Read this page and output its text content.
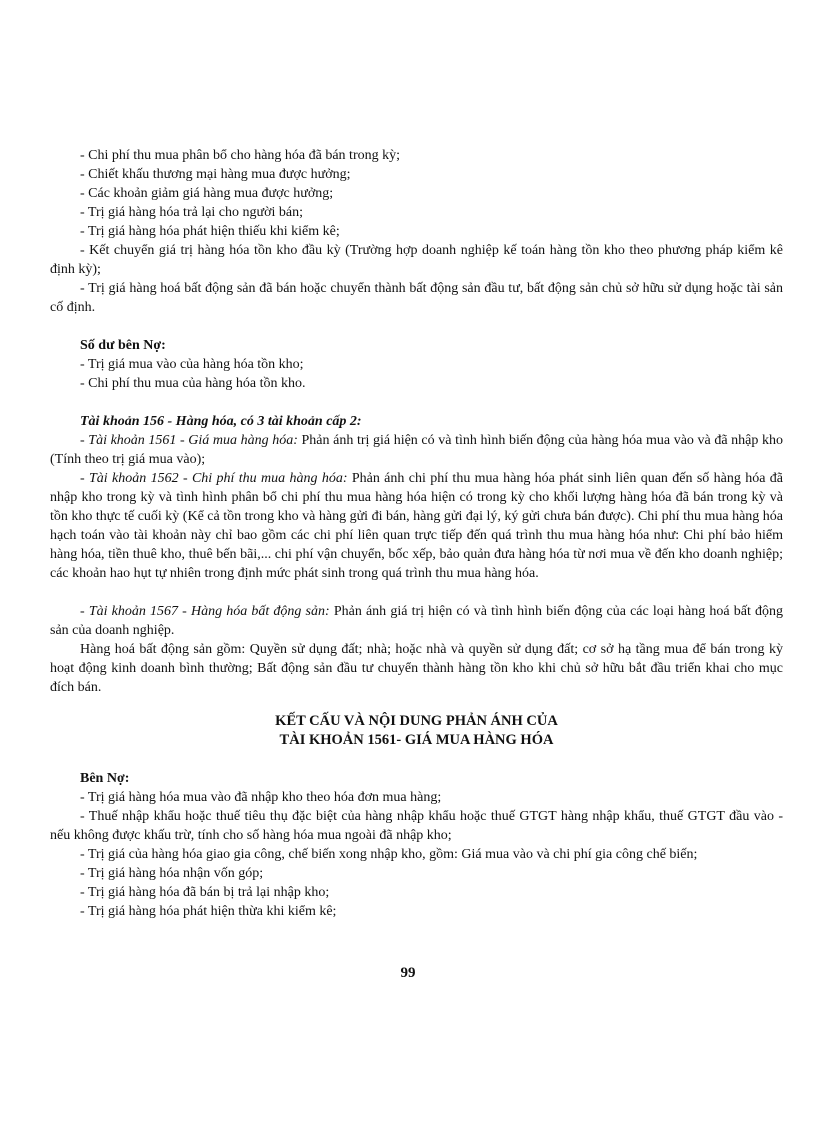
- Chi phí thu mua phân bổ cho hàng hóa đã bán trong kỳ;

- Chiết khấu thương mại hàng mua được hưởng;

- Các khoản giảm giá hàng mua được hưởng;

- Trị giá hàng hóa trả lại cho người bán;

- Trị giá hàng hóa phát hiện thiếu khi kiểm kê;

- Kết chuyển giá trị hàng hóa tồn kho đầu kỳ (Trường hợp doanh nghiệp kế toán hàng tồn kho theo phương pháp kiểm kê định kỳ);

- Trị giá hàng hoá bất động sản đã bán hoặc chuyển thành bất động sản đầu tư, bất động sản chủ sở hữu sử dụng hoặc tài sản cố định.

Số dư bên Nợ:

- Trị giá mua vào của hàng hóa tồn kho;

- Chi phí thu mua của hàng hóa tồn kho.

Tài khoản 156 - Hàng hóa, có 3 tài khoản cấp 2:

- Tài khoản 1561 - Giá mua hàng hóa: Phản ánh trị giá hiện có và tình hình biến động của hàng hóa mua vào và đã nhập kho (Tính theo trị giá mua vào);

- Tài khoản 1562 - Chi phí thu mua hàng hóa: Phản ánh chi phí thu mua hàng hóa phát sinh liên quan đến số hàng hóa đã nhập kho trong kỳ và tình hình phân bổ chi phí thu mua hàng hóa hiện có trong kỳ cho khối lượng hàng hóa đã bán trong kỳ và tồn kho thực tế cuối kỳ (Kể cả tồn trong kho và hàng gửi đi bán, hàng gửi đại lý, ký gửi chưa bán được). Chi phí thu mua hàng hóa hạch toán vào tài khoản này chỉ bao gồm các chi phí liên quan trực tiếp đến quá trình thu mua hàng hóa như: Chi phí bảo hiểm hàng hóa, tiền thuê kho, thuê bến bãi,... chi phí vận chuyển, bốc xếp, bảo quản đưa hàng hóa từ nơi mua về đến kho doanh nghiệp; các khoản hao hụt tự nhiên trong định mức phát sinh trong quá trình thu mua hàng hóa.

- Tài khoản 1567 - Hàng hóa bất động sản: Phản ánh giá trị hiện có và tình hình biến động của các loại hàng hoá bất động sản của doanh nghiệp.

Hàng hoá bất động sản gồm: Quyền sử dụng đất; nhà; hoặc nhà và quyền sử dụng đất; cơ sở hạ tầng mua để bán trong kỳ hoạt động kinh doanh bình thường; Bất động sản đầu tư chuyển thành hàng tồn kho khi chủ sở hữu bắt đầu triển khai cho mục đích bán.

KẾT CẤU VÀ NỘI DUNG PHẢN ÁNH CỦA

TÀI KHOẢN 1561- GIÁ MUA HÀNG HÓA

Bên Nợ:

- Trị giá hàng hóa mua vào đã nhập kho theo hóa đơn mua hàng;

- Thuế nhập khẩu hoặc thuế tiêu thụ đặc biệt của hàng nhập khẩu hoặc thuế GTGT hàng nhập khẩu, thuế GTGT đầu vào - nếu không được khấu trừ, tính cho số hàng hóa mua ngoài đã nhập kho;

- Trị giá của hàng hóa giao gia công, chế biến xong nhập kho, gồm: Giá mua vào và chi phí gia công chế biến;

- Trị giá hàng hóa nhận vốn góp;

- Trị giá hàng hóa đã bán bị trả lại nhập kho;

- Trị giá hàng hóa phát hiện thừa khi kiểm kê;

99
